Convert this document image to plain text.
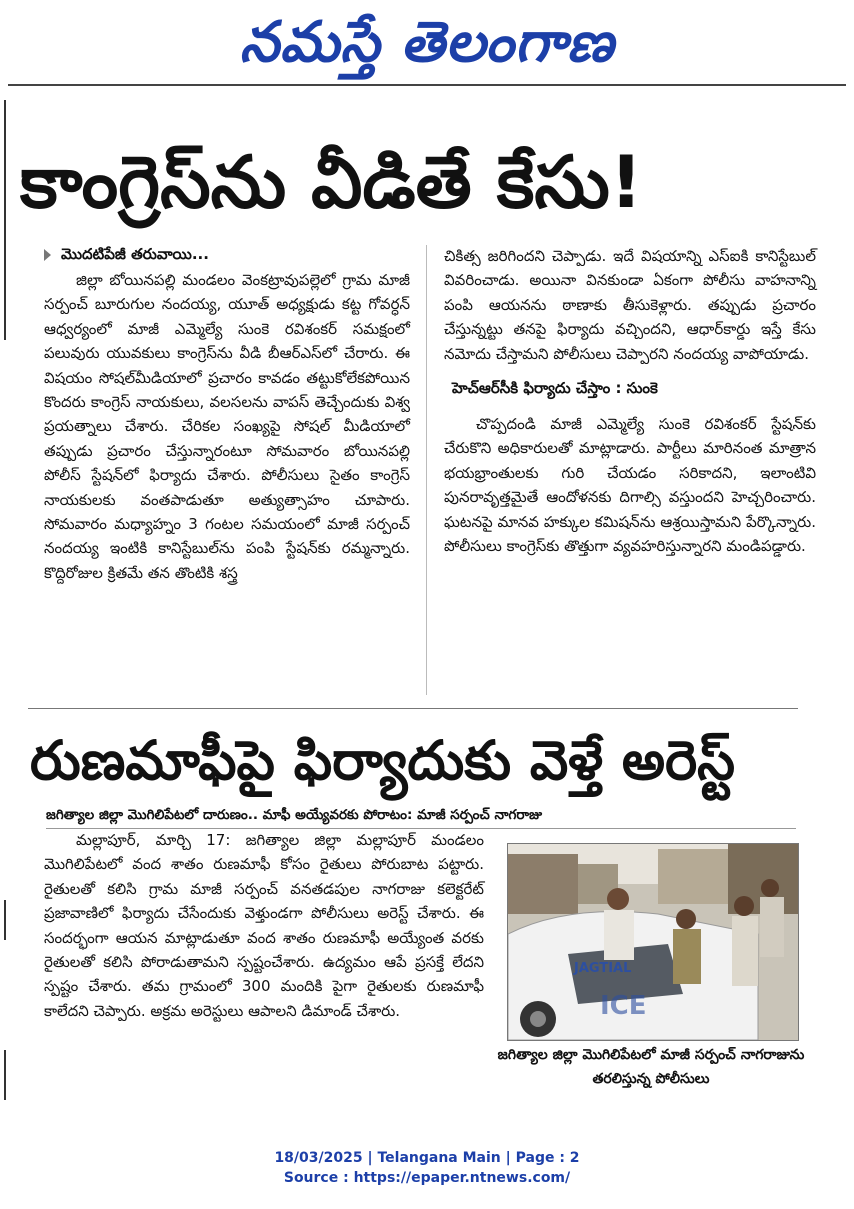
నమస్తే తెలంగాణ
కాంగ్రెస్‌ను వీడితే కేసు!
మొదటిపేజీ తరువాయి...

జిల్లా బోయినపల్లి మండలం వెంకట్రావుపల్లెలో గ్రామ మాజీ సర్పంచ్ బూరుగుల నందయ్య, యూత్ అధ్యక్షుడు కట్ట గోవర్ధన్ ఆధ్వర్యంలో మాజీ ఎమ్మెల్యే సుంకె రవిశంకర్ సమక్షంలో పలువురు యువకులు కాంగ్రెస్‌ను వీడి బీఆర్‌ఎస్‌లో చేరారు. ఈ విషయం సోషల్‌మీడియాలో ప్రచారం కావడం తట్టుకోలేకపోయిన కొందరు కాంగ్రెస్ నాయకులు, వలసలను వాపస్ తెచ్చేందుకు విశ్వ ప్రయత్నాలు చేశారు. చేరికల సంఖ్యపై సోషల్ మీడియాలో తప్పుడు ప్రచారం చేస్తున్నారంటూ సోమవారం బోయినపల్లి పోలీస్ స్టేషన్‌లో ఫిర్యాదు చేశారు. పోలీసులు సైతం కాంగ్రెస్ నాయకులకు వంతపాడుతూ అత్యుత్సాహం చూపారు. సోమవారం మధ్యాహ్నం 3 గంటల సమయంలో మాజీ సర్పంచ్ నందయ్య ఇంటికి కానిస్టేబుల్‌ను పంపి స్టేషన్‌కు రమ్మన్నారు. కొద్దిరోజుల క్రితమే తన తొంటికి శస్త్ర

చికిత్స జరిగిందని చెప్పాడు. ఇదే విషయాన్ని ఎస్‌ఐకి కానిస్టేబుల్ వివరించాడు. అయినా వినకుండా ఏకంగా పోలీసు వాహనాన్ని పంపి ఆయనను ఠాణాకు తీసుకెళ్లారు. తప్పుడు ప్రచారం చేస్తున్నట్టు తనపై ఫిర్యాదు వచ్చిందని, ఆధార్‌కార్డు ఇస్తే కేసు నమోదు చేస్తామని పోలీసులు చెప్పారని నందయ్య వాపోయాడు.

హెచ్‌ఆర్‌సీకి ఫిర్యాదు చేస్తాం : సుంకె

చొప్పదండి మాజీ ఎమ్మెల్యే సుంకె రవిశంకర్ స్టేషన్‌కు చేరుకొని అధికారులతో మాట్లాడారు. పార్టీలు మారినంత మాత్రాన భయభ్రాంతులకు గురి చేయడం సరికాదని, ఇలాంటివి పునరావృత్తమైతే ఆందోళనకు దిగాల్సి వస్తుందని హెచ్చరించారు. ఘటనపై మానవ హక్కుల కమిషన్‌ను ఆశ్రయిస్తామని పేర్కొన్నారు. పోలీసులు కాంగ్రెస్‌కు తొత్తుగా వ్యవహరిస్తున్నారని మండిపడ్డారు.

రుణమాఫీపై ఫిర్యాదుకు వెళ్తే అరెస్ట్
జగిత్యాల జిల్లా మొగిలిపేటలో దారుణం.. మాఫీ అయ్యేవరకు పోరాటం: మాజీ సర్పంచ్ నాగరాజు

మల్లాపూర్, మార్చి 17: జగిత్యాల జిల్లా మల్లాపూర్ మండలం మొగిలిపేటలో వంద శాతం రుణమాఫీ కోసం రైతులు పోరుబాట పట్టారు. రైతులతో కలిసి గ్రామ మాజీ సర్పంచ్ వనతడపుల నాగరాజు కలెక్టరేట్ ప్రజావాణిలో ఫిర్యాదు చేసేందుకు వెళ్తుండగా పోలీసులు అరెస్ట్ చేశారు. ఈ సందర్భంగా ఆయన మాట్లాడుతూ వంద శాతం రుణమాఫీ అయ్యేంత వరకు రైతులతో కలిసి పోరాడుతామని స్పష్టంచేశారు. ఉద్యమం ఆపే ప్రసక్తే లేదని స్పష్టం చేశారు. తమ గ్రామంలో 300 మందికి పైగా రైతులకు రుణమాఫీ కాలేదని చెప్పారు. అక్రమ అరెస్టులు ఆపాలని డిమాండ్ చేశారు.

JAGTIAL
ICE
జగిత్యాల జిల్లా మొగిలిపేటలో మాజీ సర్పంచ్ నాగరాజును తరలిస్తున్న పోలీసులు
18/03/2025 | Telangana Main | Page : 2
Source : https://epaper.ntnews.com/
